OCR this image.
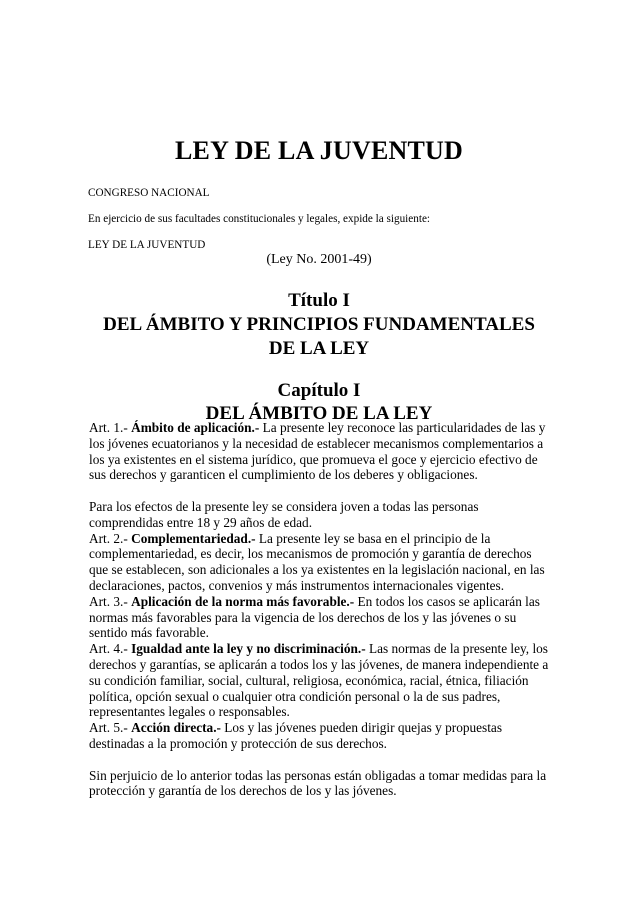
LEY DE LA JUVENTUD
CONGRESO NACIONAL
En ejercicio de sus facultades constitucionales y legales, expide la siguiente:
LEY DE LA JUVENTUD
(Ley No. 2001-49)
Título I
DEL ÁMBITO Y PRINCIPIOS FUNDAMENTALES
DE LA LEY
Capítulo I
DEL ÁMBITO DE LA LEY

Art. 1.- Ámbito de aplicación.- La presente ley reconoce las particularidades de las y los jóvenes ecuatorianos y la necesidad de establecer mecanismos complementarios a los ya existentes en el sistema jurídico, que promueva el goce y ejercicio efectivo de sus derechos y garanticen el cumplimiento de los deberes y obligaciones.

Para los efectos de la presente ley se considera joven a todas las personas comprendidas entre 18 y 29 años de edad.

Art. 2.- Complementariedad.- La presente ley se basa en el principio de la complementariedad, es decir, los mecanismos de promoción y garantía de derechos que se establecen, son adicionales a los ya existentes en la legislación nacional, en las declaraciones, pactos, convenios y más instrumentos internacionales vigentes.

Art. 3.- Aplicación de la norma más favorable.- En todos los casos se aplicarán las normas más favorables para la vigencia de los derechos de los y las jóvenes o su sentido más favorable.

Art. 4.- Igualdad ante la ley y no discriminación.- Las normas de la presente ley, los derechos y garantías, se aplicarán a todos los y las jóvenes, de manera independiente a su condición familiar, social, cultural, religiosa, económica, racial, étnica, filiación política, opción sexual o cualquier otra condición personal o la de sus padres, representantes legales o responsables.

Art. 5.- Acción directa.- Los y las jóvenes pueden dirigir quejas y propuestas destinadas a la promoción y protección de sus derechos.

Sin perjuicio de lo anterior todas las personas están obligadas a tomar medidas para la protección y garantía de los derechos de los y las jóvenes.
